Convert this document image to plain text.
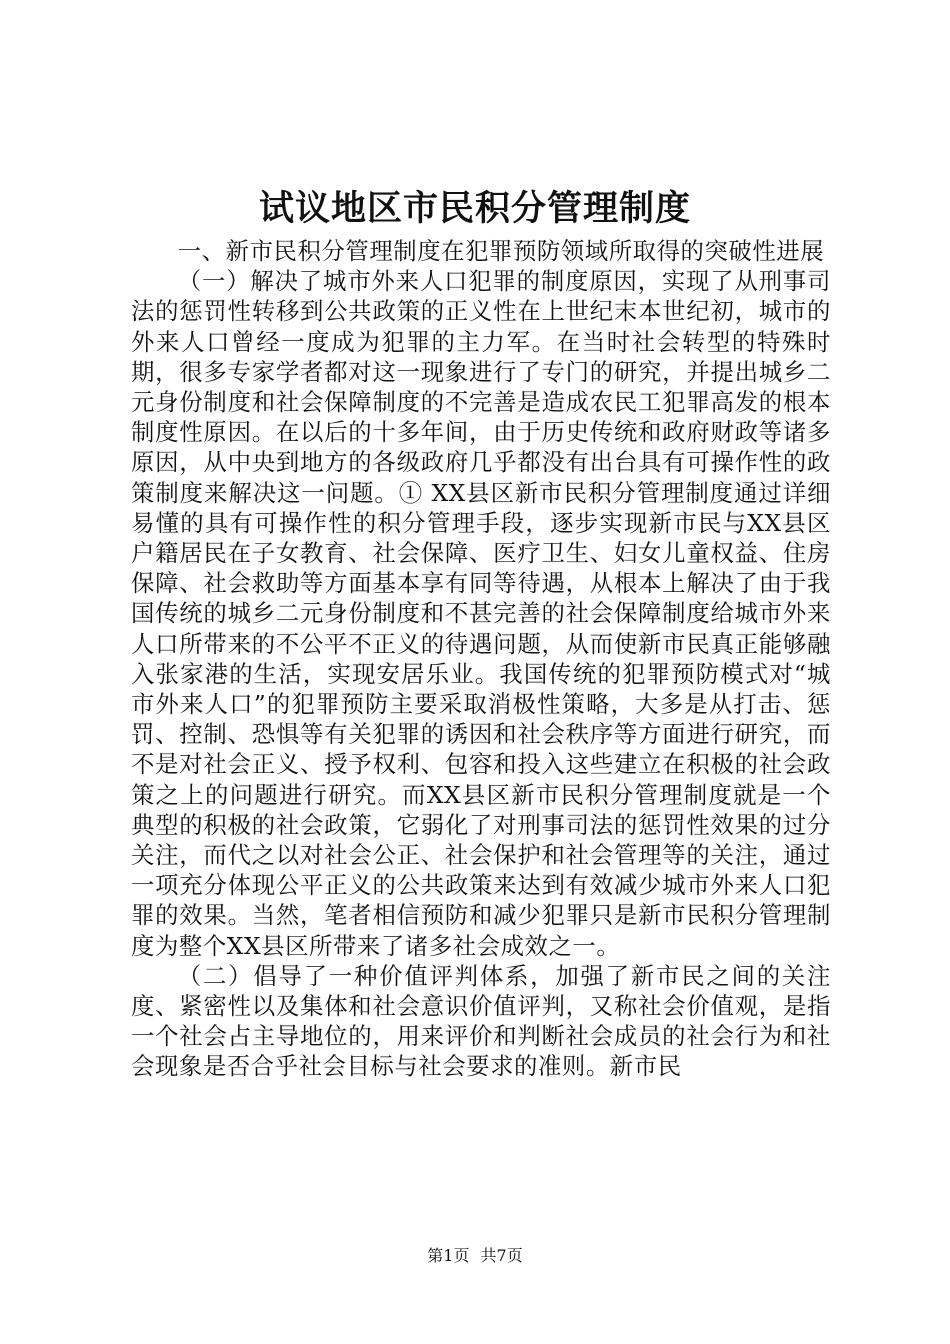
试议地区市民积分管理制度

一、新市民积分管理制度在犯罪预防领域所取得的突破性进展

（一）解决了城市外来人口犯罪的制度原因，实现了从刑事司法的惩罚性转移到公共政策的正义性在上世纪末本世纪初，城市的外来人口曾经一度成为犯罪的主力军。在当时社会转型的特殊时期，很多专家学者都对这一现象进行了专门的研究，并提出城乡二元身份制度和社会保障制度的不完善是造成农民工犯罪高发的根本制度性原因。在以后的十多年间，由于历史传统和政府财政等诸多原因，从中央到地方的各级政府几乎都没有出台具有可操作性的政策制度来解决这一问题。① XX县区新市民积分管理制度通过详细易懂的具有可操作性的积分管理手段，逐步实现新市民与XX县区户籍居民在子女教育、社会保障、医疗卫生、妇女儿童权益、住房保障、社会救助等方面基本享有同等待遇，从根本上解决了由于我国传统的城乡二元身份制度和不甚完善的社会保障制度给城市外来人口所带来的不公平不正义的待遇问题，从而使新市民真正能够融入张家港的生活，实现安居乐业。我国传统的犯罪预防模式对“城市外来人口”的犯罪预防主要采取消极性策略，大多是从打击、惩罚、控制、恐惧等有关犯罪的诱因和社会秩序等方面进行研究，而不是对社会正义、授予权利、包容和投入这些建立在积极的社会政策之上的问题进行研究。而XX县区新市民积分管理制度就是一个典型的积极的社会政策，它弱化了对刑事司法的惩罚性效果的过分关注，而代之以对社会公正、社会保护和社会管理等的关注，通过一项充分体现公平正义的公共政策来达到有效减少城市外来人口犯罪的效果。当然，笔者相信预防和减少犯罪只是新市民积分管理制度为整个XX县区所带来了诸多社会成效之一。

（二）倡导了一种价值评判体系，加强了新市民之间的关注度、紧密性以及集体和社会意识价值评判，又称社会价值观，是指一个社会占主导地位的，用来评价和判断社会成员的社会行为和社会现象是否合乎社会目标与社会要求的准则。新市民

第1页 共7页
